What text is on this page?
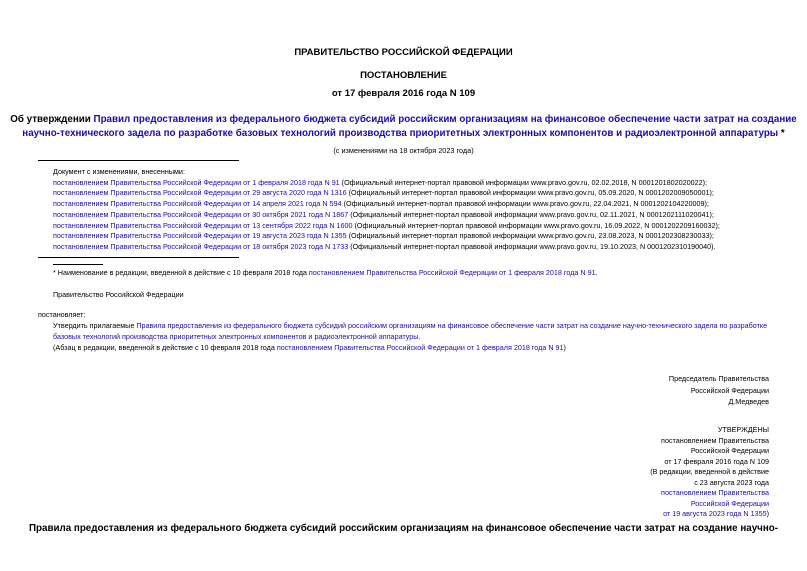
ПРАВИТЕЛЬСТВО РОССИЙСКОЙ ФЕДЕРАЦИИ
ПОСТАНОВЛЕНИЕ
от 17 февраля 2016 года N 109
Об утверждении Правил предоставления из федерального бюджета субсидий российским организациям на финансовое обеспечение части затрат на создание
научно-технического задела по разработке базовых технологий производства приоритетных электронных компонентов и радиоэлектронной аппаратуры *
(с изменениями на 18 октября 2023 года)
Документ с изменениями, внесенными:
постановлением Правительства Российской Федерации от 1 февраля 2018 года N 91 (Официальный интернет-портал правовой информации www.pravo.gov.ru, 02.02.2018, N 0001201802020022);
постановлением Правительства Российской Федерации от 29 августа 2020 года N 1316 (Официальный интернет-портал правовой информации www.pravo.gov.ru, 05.09.2020, N 0001202009050001);
постановлением Правительства Российской Федерации от 14 апреля 2021 года N 594 (Официальный интернет-портал правовой информации www.pravo.gov.ru, 22.04.2021, N 0001202104220009);
постановлением Правительства Российской Федерации от 30 октября 2021 года N 1867 (Официальный интернет-портал правовой информации www.pravo.gov.ru, 02.11.2021, N 0001202111020041);
постановлением Правительства Российской Федерации от 13 сентября 2022 года N 1600 (Официальный интернет-портал правовой информации www.pravo.gov.ru, 16.09.2022, N 0001202209160032);
постановлением Правительства Российской Федерации от 19 августа 2023 года N 1355 (Официальный интернет-портал правовой информации www.pravo.gov.ru, 23.08.2023, N 0001202308230033);
постановлением Правительства Российской Федерации от 18 октября 2023 года N 1733 (Официальный интернет-портал правовой информации www.pravo.gov.ru, 19.10.2023, N 0001202310190040).
* Наименование в редакции, введенной в действие с 10 февраля 2018 года постановлением Правительства Российской Федерации от 1 февраля 2018 года N 91.
Правительство Российской Федерации
постановляет:
Утвердить прилагаемые Правила предоставления из федерального бюджета субсидий российским организациям на финансовое обеспечение части затрат на создание научно-технического задела по разработке базовых технологий производства приоритетных электронных компонентов и радиоэлектронной аппаратуры.
(Абзац в редакции, введенной в действие с 10 февраля 2018 года постановлением Правительства Российской Федерации от 1 февраля 2018 года N 91)
Председатель Правительства
Российской Федерации
Д.Медведев
УТВЕРЖДЕНЫ
постановлением Правительства
Российской Федерации
от 17 февраля 2016 года N 109
(В редакции, введенной в действие
с 23 августа 2023 года
постановлением Правительства
Российской Федерации
от 19 августа 2023 года N 1355)
Правила предоставления из федерального бюджета субсидий российским организациям на финансовое обеспечение части затрат на создание научно-
